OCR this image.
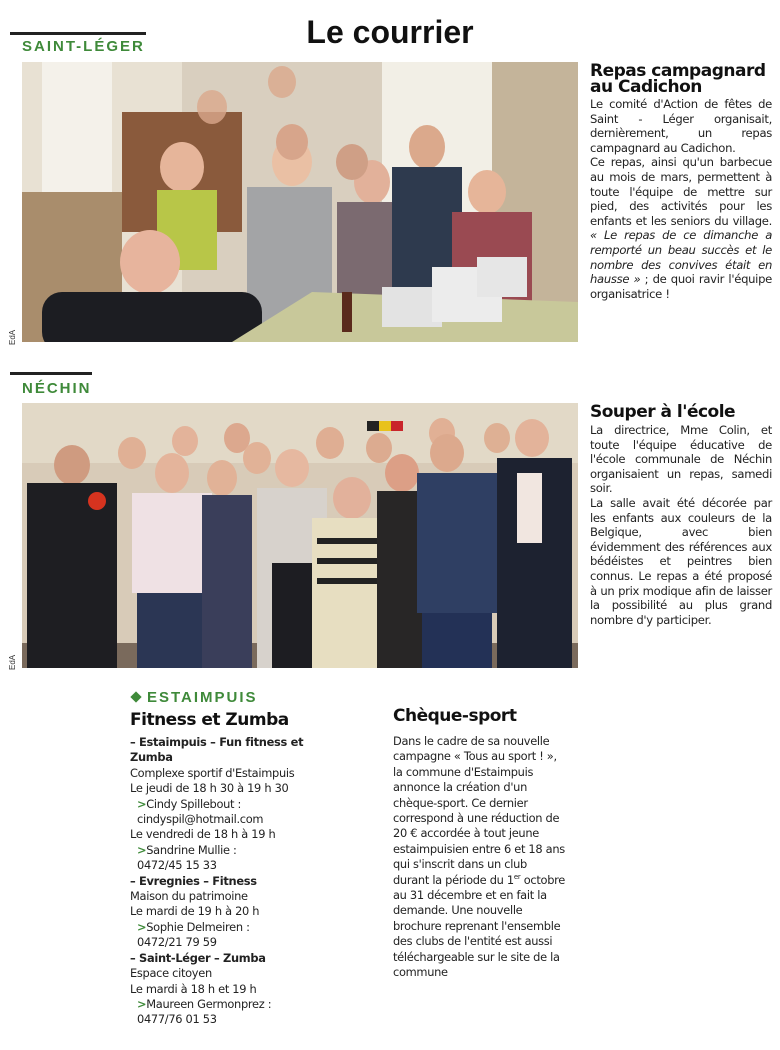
Le courrier
SAINT-LÉGER
EdA
Repas campagnard
au Cadichon

Le comité d'Action de fêtes de Saint - Léger organisait, dernièrement, un repas campagnard au Cadichon.

Ce repas, ainsi qu'un barbecue au mois de mars, permettent à toute l'équipe de mettre sur pied, des activités pour les enfants et les seniors du village. « Le repas de ce dimanche a remporté un beau succès et le nombre des convives était en hausse » ; de quoi ravir l'équipe organisatrice !

NÉCHIN
EdA
Souper à l'école

La directrice, Mme Colin, et toute l'équipe éducative de l'école communale de Néchin organisaient un repas, samedi soir.

La salle avait été décorée par les enfants aux couleurs de la Belgique, avec bien évidemment des références aux bédéistes et peintres bien connus. Le repas a été proposé à un prix modique afin de laisser la possibilité au plus grand nombre d'y participer.

ESTAIMPUIS
Fitness et Zumba
– Estaimpuis – Fun fitness et
Zumba
Complexe sportif d'Estaimpuis
Le jeudi de 18 h 30 à 19 h 30
>Cindy Spillebout :
cindyspil@hotmail.com
Le vendredi de 18 h à 19 h
>Sandrine Mullie :
0472/45 15 33
– Evregnies – Fitness
Maison du patrimoine
Le mardi de 19 h à 20 h
>Sophie Delmeiren :
0472/21 79 59
– Saint-Léger – Zumba
Espace citoyen
Le mardi à 18 h et 19 h
>Maureen Germonprez :
0477/76 01 53
Chèque-sport
Dans le cadre de sa nouvelle campagne « Tous au sport ! », la commune d'Estaimpuis annonce la création d'un chèque-sport. Ce dernier correspond à une réduction de 20 € accordée à tout jeune estaimpuisien entre 6 et 18 ans qui s'inscrit dans un club durant la période du 1er octobre au 31 décembre et en fait la demande. Une nouvelle brochure reprenant l'ensemble des clubs de l'entité est aussi téléchargeable sur le site de la commune
